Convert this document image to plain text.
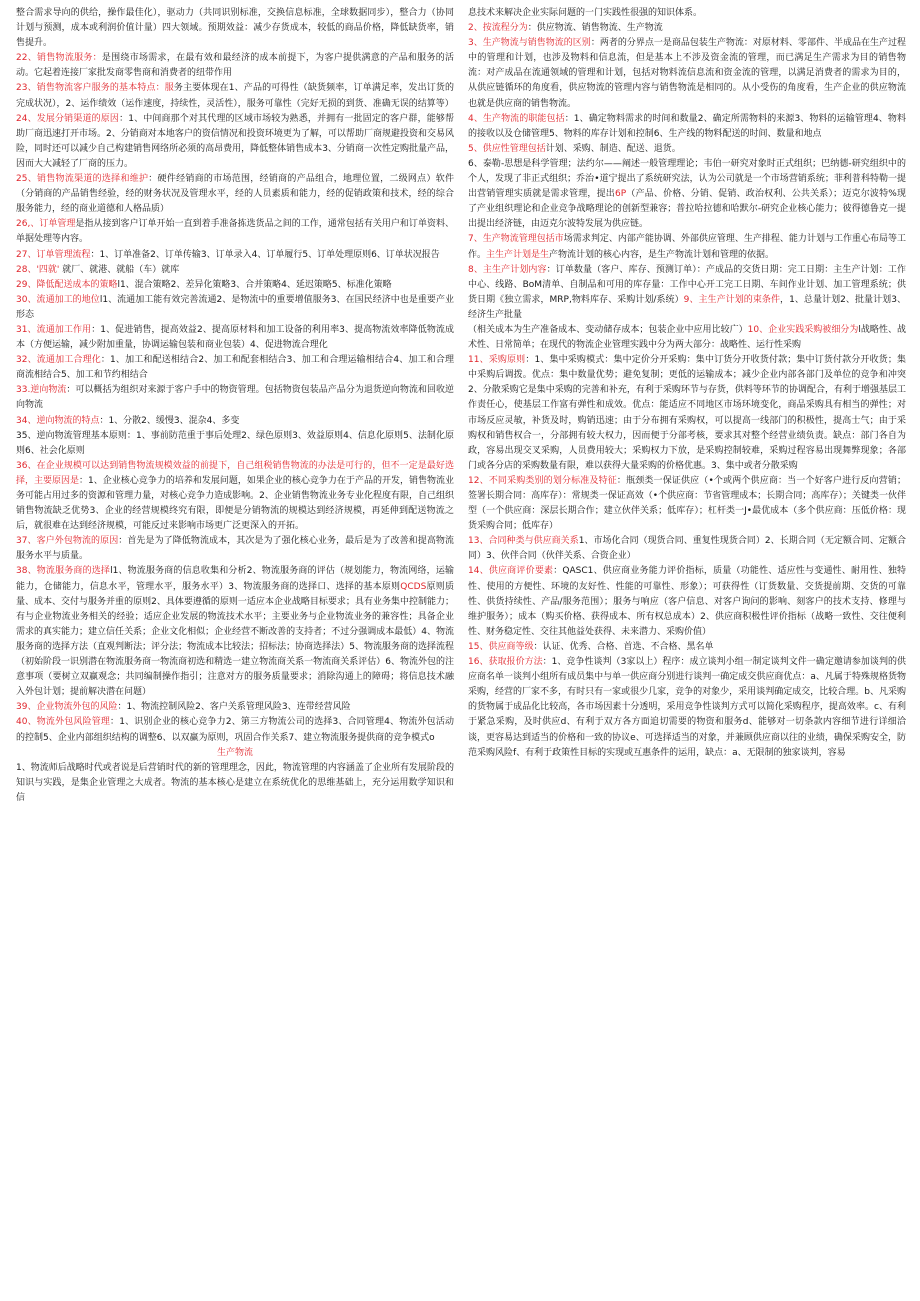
整合需求导向的供给，操作最佳化），驱动力（共同识别标准，交换信息标准，全球数据同步），整合力（协同计划与预测，成本或利润价值计量）四大领域。预期效益：减少存货成本，较低的商品价格，降低缺货率，销售提升。

22、销售物流服务：是围绕市场需求，在最有效和最经济的成本前提下，为客户提供满意的产品和服务的活动。它起着连接厂家批发商零售商和消费者的纽带作用

23、销售物流客户服务的基本特点：服务主要体现在1、产品的可得性（缺货频率，订单满足率，发出订货的完成状况），2、运作绩效（运作速度，持续性，灵活性），服务可靠性（完好无损的到货、准确无误的结算等）

24、发展分销渠道的原因：1、中间商那个对其代理的区域市场较为熟悉，并拥有一批固定的客户群，能够帮助厂商迅速打开市场。2、分销商对本地客户的资信情况和投资环境更为了解，可以帮助厂商规避投资和交易风险，同时还可以减少自己构建销售网络所必须的高昂费用，降低整体销售成本3、分销商一次性定购批量产品，因而大大减轻了厂商的压力。

25、销售物流渠道的选择和维护：硬件经销商的市场范围，经销商的产品组合，地理位置，二级网点）软件（分销商的产品销售经验，经的财务状况及管理水平，经的人员素质和能力，经的促销政策和技术，经的综合服务能力，经的商业道德和人格品质）

26,、订单管理是指从接到客户订单开始一直到着手准备拣选货品之间的工作，通常包括有关用户和订单资料、单据处理等内容。

27、订单管理流程：1、订单准备2、订单传输3、订单录入4、订单履行5、订单处理原则6、订单状况报告

28、'四就' 就厂、就港、就船（车）就库

29、降低配送成本的策略l1、混合策略2、差异化策略3、合并策略4、延迟策略5、标准化策略

30、流通加工的地位l1、流通加工能有效完善流通2、是物流中的重要增值服务3、在国民经济中也是重要产业形态

31、流通加工作用：1、促进销售，提高效益2、提高原材料和加工设备的利用率3、提高物流效率降低物流成本（方便运输，减少附加重量，协调运输包装和商业包装）4、促进物流合理化

32、流通加工合理化：1、加工和配送相结合2、加工和配套相结合3、加工和合理运输相结合4、加工和合理商流相结合5、加工和节约相结合

33.逆向物流：可以概括为组织对来源于客户手中的物资管理。包括物资包装品产品分为退货逆向物流和回收逆向物流

34、逆向物流的特点：1、分散2、缓慢3、混杂4、多变

35、逆向物流管理基本原则：1、事前防范重于事后处理2、绿色原则3、效益原则4、信息化原则5、法制化原则6、社会化原则

36、在企业规模可以达到销售物流规模效益的前提下，自己组税销售物流的办法是可行的，但不一定是最好选择，主要原因是：1、企业核心竞争力的培养和发展问题，如果企业的核心竞争力在于产品的开发，销售物流业务可能占用过多的资源和管理力量，对核心竞争力造成影响。2、企业销售物流业务专业化程度有限，自己组织销售物流缺乏优势3、企业的经营规模终究有限，即便是分销物流的规模达到经济规模，再延伸到配送物流之后，就很难在达到经济规模，可能反过来影响市场更广泛更深入的开拓。

37、客户外包物流的原因：首先是为了降低物流成本，其次是为了强化核心业务，最后是为了改善和提高物流服务水平与质量。

38、物流服务商的选择l1、物流服务商的信息收集和分析2、物流服务商的评估（规划能力，物流网络，运输能力，仓储能力，信息水平，管理水平，服务水平）3、物流服务商的选择口、选择的基本原则QCDS原则质量、成本、交付与服务并重的原则2、具体要遵循的原则一适应本企业战略目标要求；具有业务集中控制能力；有与企业物流业务相关的经验；适应企业发展的物流技术水平；主要业务与企业物流业务的兼容性；具备企业需求的真实能力；建立信任关系；企业文化相似；企业经营不断改善的支持者；不过分强调成本最低）4、物流服务商的选择方法（直观判断法；评分法；物流成本比较法；招标法；协商选择法）5、物流服务商的选择流程（初始阶段一识别潜在物流服务商一物流商初选和精选一建立物流商关系一物流商关系评估）6、物流外包的注意事项（要树立双赢观念；共同编制操作指引；注意对方的服务质量要求；消除沟通上的障碍；将信息技术融入外包计划；提前解决潜在问题）

39、企业物流外包的风险：1、物流控制风险2、客户关系管理风险3、连带经营风险

40、物流外包风险管理：1、识别企业的核心竞争力2、第三方物流公司的选择3、合同管理4、物流外包活动的控制5、企业内部组织结构的调整6、以双赢为原则，巩固合作关系7、建立物流服务提供商的竞争模式o

生产物流

1、物流师后战略时代或者说是后营销时代的新的管理理念，因此，物流管理的内容涵盖了企业所有发展阶段的知识与实践，是集企业管理之大成者。物流的基本核心是建立在系统优化的思维基础上，充分运用数学知识和信

息技术来解决企业实际问题的一门实践性很强的知识体系。

2、按流程分为：供应物流、销售物流、生产物流

3、生产物流与销售物流的区别：两者的分界点一是商品包装生产物流：对原材料、零部件、半成品在生产过程中的管理和计划，也涉及物料和信息流，但是基本上不涉及资金流的管理，而已满足生产需求为目的销售物流：对产成品在流通领域的管理和计划，包括对物料流信息流和资金流的管理，以满足消费者的需求为目的，从供应链循环的角度看，供应物流的管理内容与销售物流是相同的。从小受伤的角度看，生产企业的供应物流也就是供应商的销售物流。

4、生产物流的职能包括：1、确定物料需求的时间和数量2、确定所需物料的来源3、物料的运输管理4、物料的接收以及仓储管理5、物料的库存计划和控制6、生产线的物料配送的时间、数量和地点

5、供应性管理包括计划、采购、制造、配送、退货。

6、泰勒-思想是科学管理；法约尔——阐述一般管理理论；韦伯一研究对象时正式组织；巴纳德-研究组织中的个人，发现了非正式组织；乔治•道宁提出了系统研究法，认为公司就是一个市场营销系统；菲利普科特勒一提出营销管理实质就是需求管理，提出6P（产品、价格、分销、促销、政治权利、公共关系）；迈克尔波特%现了产业组织理论和企业竞争战略理论的创新型兼容；普拉哈拉德和哈默尔-研究企业核心能力；彼得德鲁克一提出提出经济链，由迈克尔波特发展为供应链。

7、生产物流管理包括市场需求判定、内部产能协调、外部供应管理、生产排程、能力计划与工作重心布局等工作。主生产计划是生产物流计划的核心内容，是生产物流计划和管理的依据。

8、主生产计划内容：订单数量（客户、库存、预测订单）：产成品的交货日期：完工日期：主生产计划：工作中心、线路、BoM清单、自制品和可用的库存量：工作中心开工完工日期、车间作业计划、加工管理系统；供货日期《独立需求，MRP,物料库存、采购计划/系统）9、主生产计划的束条件，1、总量计划2、批量计划3、经济生产批量

（相关成本为生产准备成本、变动储存成本；包装企业中应用比较广）10、企业实践采购被细分为l战略性、战术性、日常简单；在现代的物流企业管理实践中分为两大部分：战略性、运行性采购

11、采购原则：1、集中采购模式：集中定价分开采购：集中订货分开收货付款；集中订货付款分开收货；集中采购后调拨。优点：集中数量优势；避免复制；更低的运输成本；减少企业内部各部门及单位的竞争和冲突2、分散采购它是集中采购的完善和补充，有利于采购环节与存货，供料等环节的协调配合，有利于增强基层工作责任心，使基层工作富有弹性和成效。优点：能适应不同地区市场环境变化，商品采购具有相当的弹性；对市场反应灵敏，补货及时，购销迅速；由于分布拥有采购权，可以提高一线部门的积极性，提高士气；由于采购权和销售权合一，分部拥有较大权力，因而便于分部考核，要求其对整个经营业绩负责。缺点：部门各自为政，容易出现交叉采购，人员费用较大；采购权力下放，是采购控制较难，采购过程容易出现舞弊现象；各部门或各分店的采购数量有限，难以获得大量采购的价格优惠。3、集中或者分散采购

12、不同采购类别的划分标准及特征：瓶颈类一保证供应（•个或两个供应商：当一个好客户进行反向营销；签署长期合同：高库存）：常规类一保证高效（•个供应商：节省管理成本；长期合同；高库存）；关键类一伙伴型（一个供应商：深层长期合作；建立伙伴关系；低库存）；杠杆类一J•最优成本（多个供应商：压低价格：现货采购合同；低库存）

13、合同种类与供应商关系1、市场化合同（现货合同、重复性现货合同）2、长期合同（无定额合同、定额合同）3、伙伴合同（伙伴关系、合资企业）

14、供应商评价要素：QASC1、供应商业务能力评价指标，质量（功能性、适应性与变通性、耐用性、独特性、使用的方便性、环境的友好性、性能的可靠性、形象）；可获得性（订货数量、交货提前期、交货的可靠性、供货持续性、产品/服务范围）；服务与响应（客户信息、对客户询问的影响、刻客户的技术支持、修理与维护服务）；成本（购买价格、获得成本、所有权总成本）2、供应商积极性评价指标（战略一致性、交往便利性、财务稳定性、交往其他益处获得、未来潜力、采购价值）

15、供应商等级：认证、优秀、合格、首选、不合格、黑名单

16、获取报价方法：1、竞争性谈判（3家以上）程序：成立谈判小组一制定谈判文件一确定邀请参加谈判的供应商名单一谈判小组所有成员集中与单一供应商分别进行谈判一确定成交供应商优点：a、凡属于特殊规格货物采购，经营的厂家不多，有时只有一家或很少几家，竞争的对象少，采用谈判确定成交，比较合理。b、凡采购的货物属于成品化比较高，各市场因素十分透明，采用竞争性谈判方式可以简化采购程序，提高效率。c、有利于紧急采购，及时供应d、有利于双方各方面追切需要的物资和服务d、能够对一切条款内容细节进行详细洽谈，更容易达到适当的价格和一致的协议e、可选择适当的对象，并兼顾供应商以往的业绩，确保采购安全，防范采购风险f、有利于政策性目标的实现或互惠条件的运用，缺点：a、无限制的独家谈判，容易
